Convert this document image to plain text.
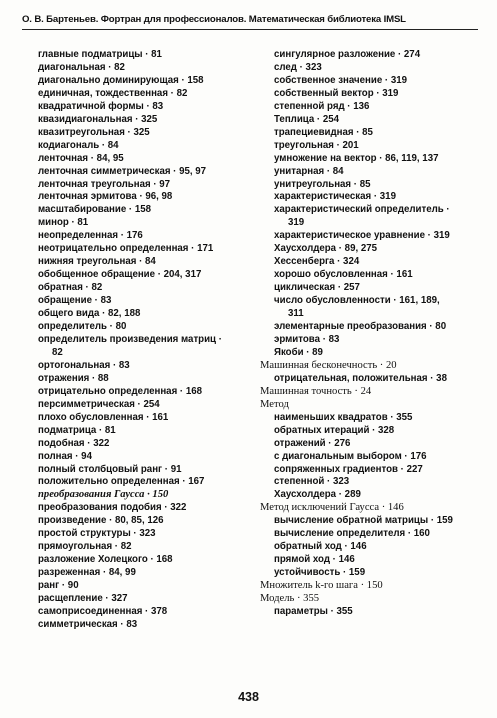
О. В. Бартеньев. Фортран для профессионалов. Математическая библиотека IMSL
главные подматрицы · 81
диагональная · 82
диагонально доминирующая · 158
единичная, тождественная · 82
квадратичной формы · 83
квазидиагональная · 325
квазитреугольная · 325
кодиагональ · 84
ленточная · 84, 95
ленточная симметрическая · 95, 97
ленточная треугольная · 97
ленточная эрмитова · 96, 98
масштабирование · 158
минор · 81
неопределенная · 176
неотрицательно определенная · 171
нижняя треугольная · 84
обобщенное обращение · 204, 317
обратная · 82
обращение · 83
общего вида · 82, 188
определитель · 80
определитель произведения матриц ·
82
ортогональная · 83
отражения · 88
отрицательно определенная · 168
персимметрическая · 254
плохо обусловленная · 161
подматрица · 81
подобная · 322
полная · 94
полный столбцовый ранг · 91
положительно определенная · 167
преобразования Гаусса · 150
преобразования подобия · 322
произведение · 80, 85, 126
простой структуры · 323
прямоугольная · 82
разложение Холецкого · 168
разреженная · 84, 99
ранг · 90
расщепление · 327
самоприсоединенная · 378
симметрическая · 83
сингулярное разложение · 274
след · 323
собственное значение · 319
собственный вектор · 319
степенной ряд · 136
Теплица · 254
трапециевидная · 85
треугольная · 201
умножение на вектор · 86, 119, 137
унитарная · 84
унитреугольная · 85
характеристическая · 319
характеристический определитель ·
319
характеристическое уравнение · 319
Хаусхолдера · 89, 275
Хессенберга · 324
хорошо обусловленная · 161
циклическая · 257
число обусловленности · 161, 189,
311
элементарные преобразования · 80
эрмитова · 83
Якоби · 89
Машинная бесконечность · 20
отрицательная, положительная · 38
Машинная точность · 24
Метод
наименьших квадратов · 355
обратных итераций · 328
отражений · 276
с диагональным выбором · 176
сопряженных градиентов · 227
степенной · 323
Хаусхолдера · 289
Метод исключений Гаусса · 146
вычисление обратной матрицы · 159
вычисление определителя · 160
обратный ход · 146
прямой ход · 146
устойчивость · 159
Множитель k-го шага · 150
Модель · 355
параметры · 355
438
